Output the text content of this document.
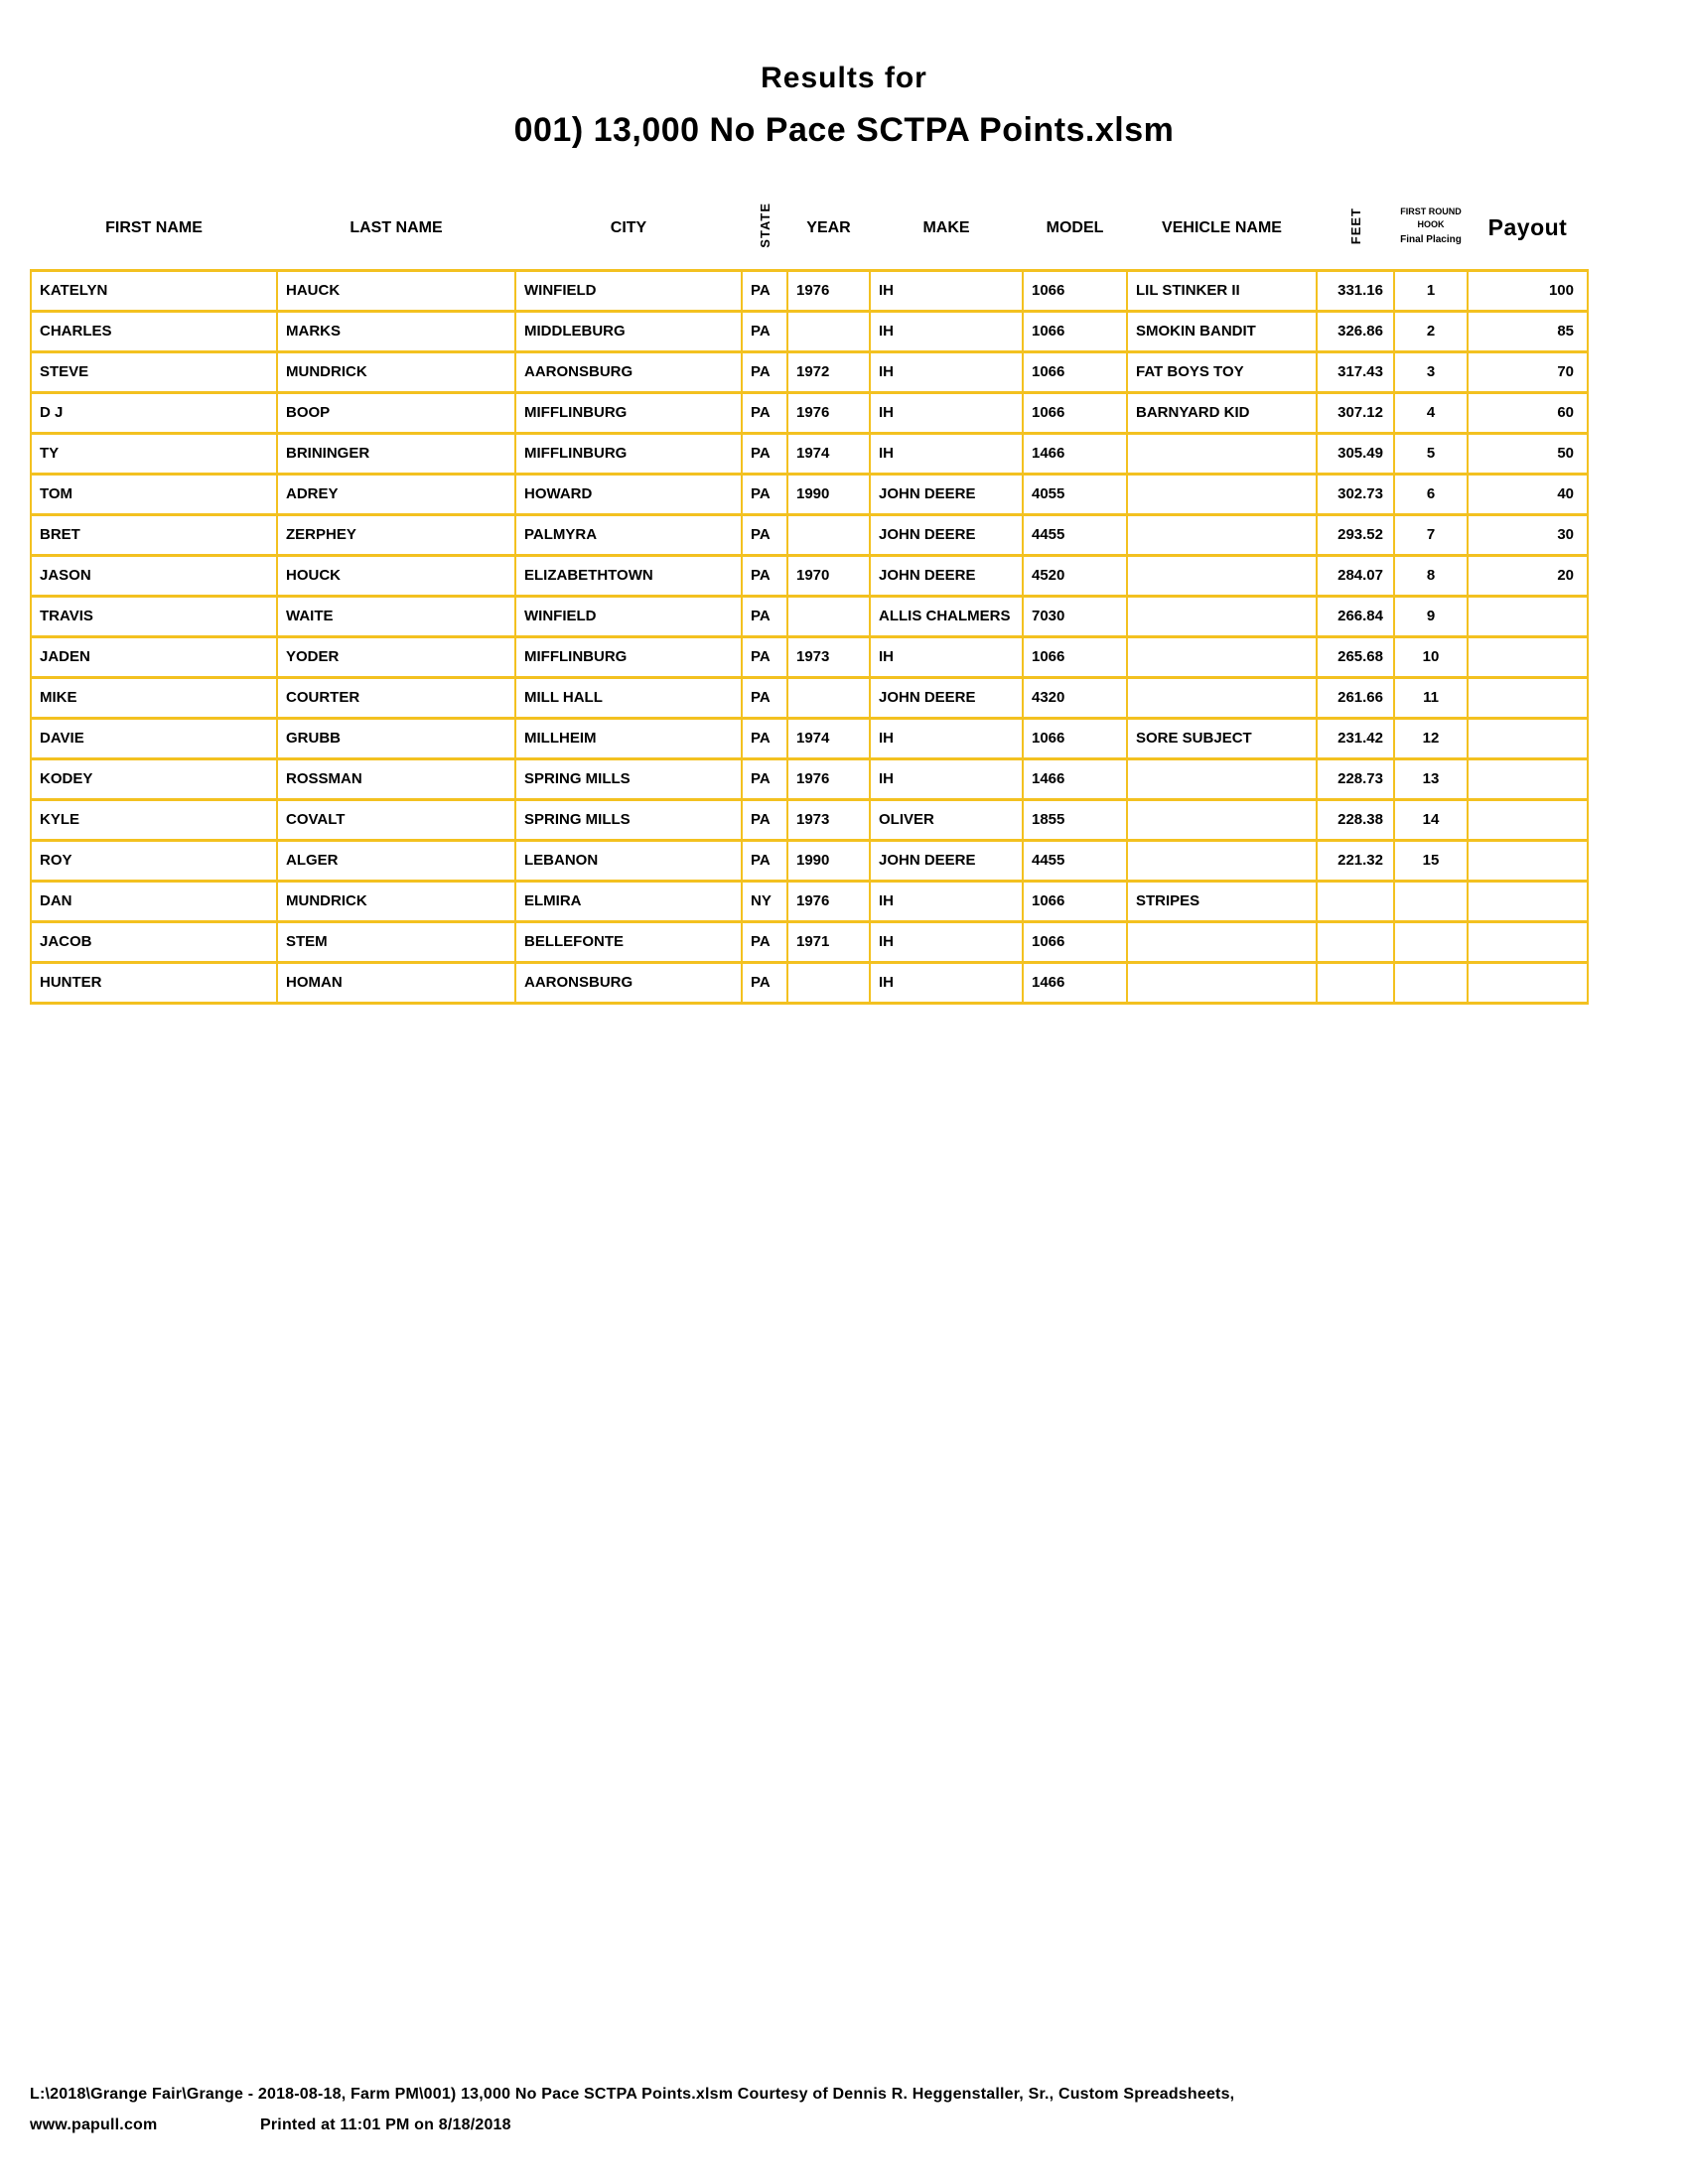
Results for
001) 13,000 No Pace SCTPA Points.xlsm
FIRST NAME	LAST NAME	CITY	STATE	YEAR	MAKE	MODEL	VEHICLE NAME	FEET	FIRST ROUND
HOOK
Final Placing	Payout
KATELYN	HAUCK	WINFIELD	PA	1976	IH	1066	LIL STINKER II	331.16	1	100
CHARLES	MARKS	MIDDLEBURG	PA		IH	1066	SMOKIN BANDIT	326.86	2	85
STEVE	MUNDRICK	AARONSBURG	PA	1972	IH	1066	FAT BOYS TOY	317.43	3	70
D J	BOOP	MIFFLINBURG	PA	1976	IH	1066	BARNYARD KID	307.12	4	60
TY	BRININGER	MIFFLINBURG	PA	1974	IH	1466		305.49	5	50
TOM	ADREY	HOWARD	PA	1990	JOHN DEERE	4055		302.73	6	40
BRET	ZERPHEY	PALMYRA	PA		JOHN DEERE	4455		293.52	7	30
JASON	HOUCK	ELIZABETHTOWN	PA	1970	JOHN DEERE	4520		284.07	8	20
TRAVIS	WAITE	WINFIELD	PA		ALLIS CHALMERS	7030		266.84	9	
JADEN	YODER	MIFFLINBURG	PA	1973	IH	1066		265.68	10	
MIKE	COURTER	MILL HALL	PA		JOHN DEERE	4320		261.66	11	
DAVIE	GRUBB	MILLHEIM	PA	1974	IH	1066	SORE SUBJECT	231.42	12	
KODEY	ROSSMAN	SPRING MILLS	PA	1976	IH	1466		228.73	13	
KYLE	COVALT	SPRING MILLS	PA	1973	OLIVER	1855		228.38	14	
ROY	ALGER	LEBANON	PA	1990	JOHN DEERE	4455		221.32	15	
DAN	MUNDRICK	ELMIRA	NY	1976	IH	1066	STRIPES			
JACOB	STEM	BELLEFONTE	PA	1971	IH	1066				
HUNTER	HOMAN	AARONSBURG	PA		IH	1466				
L:\2018\Grange Fair\Grange - 2018-08-18, Farm PM\001) 13,000 No Pace SCTPA Points.xlsm Courtesy of Dennis R. Heggenstaller, Sr., Custom Spreadsheets,
www.papull.com	Printed at 11:01 PM on 8/18/2018
